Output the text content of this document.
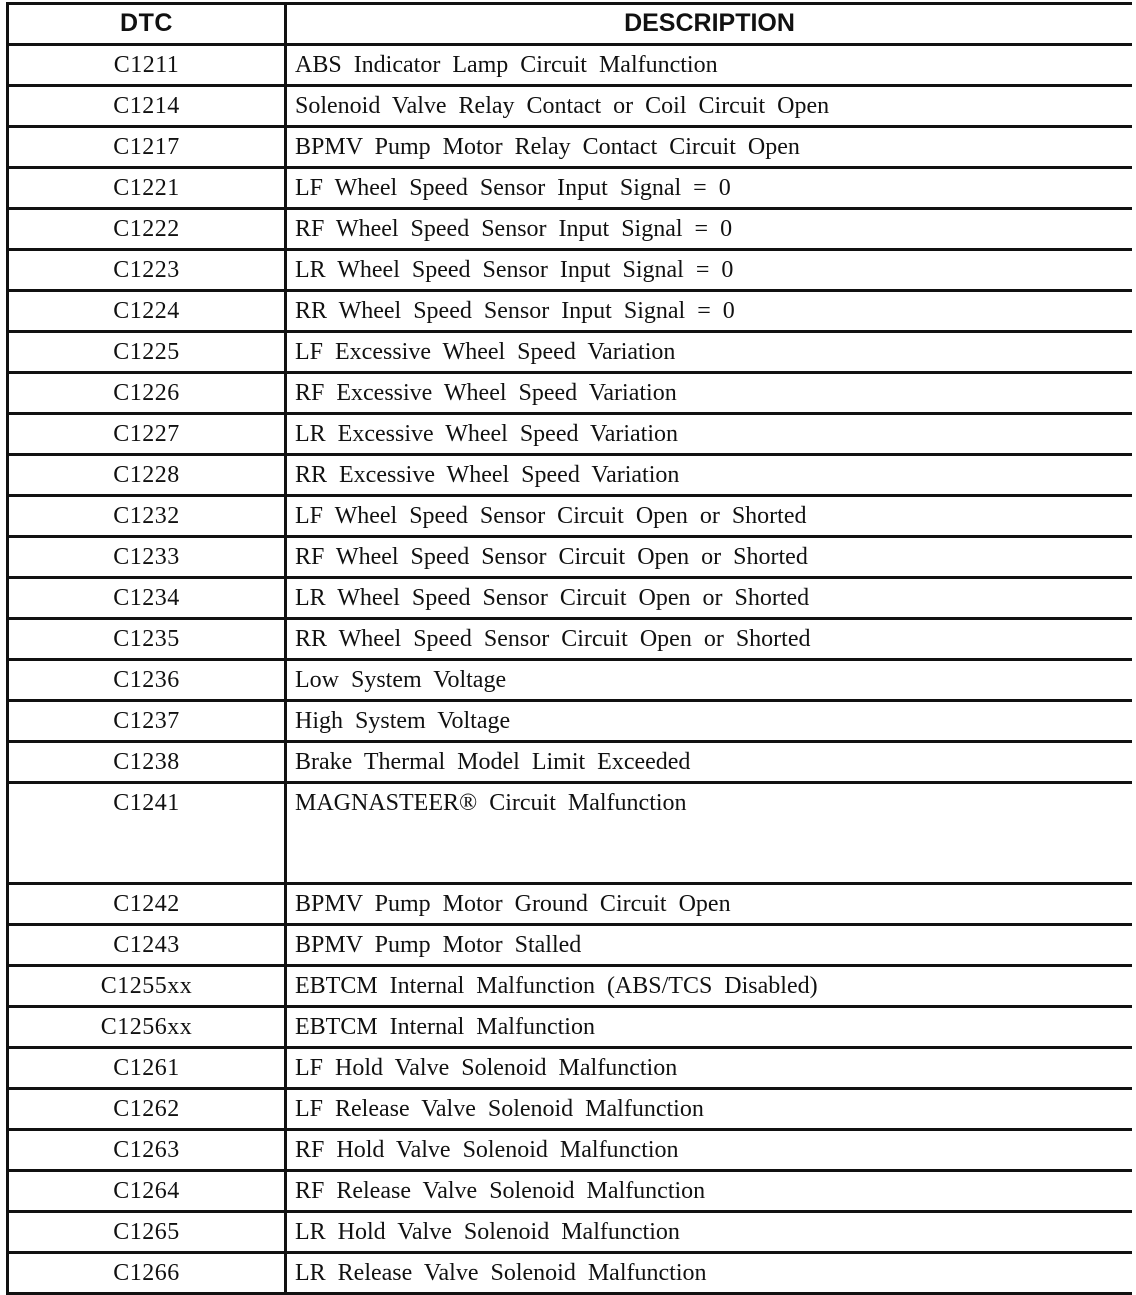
DTC	DESCRIPTION
C1211	ABS Indicator Lamp Circuit Malfunction
C1214	Solenoid Valve Relay Contact or Coil Circuit Open
C1217	BPMV Pump Motor Relay Contact Circuit Open
C1221	LF Wheel Speed Sensor Input Signal = 0
C1222	RF Wheel Speed Sensor Input Signal = 0
C1223	LR Wheel Speed Sensor Input Signal = 0
C1224	RR Wheel Speed Sensor Input Signal = 0
C1225	LF Excessive Wheel Speed Variation
C1226	RF Excessive Wheel Speed Variation
C1227	LR Excessive Wheel Speed Variation
C1228	RR Excessive Wheel Speed Variation
C1232	LF Wheel Speed Sensor Circuit Open or Shorted
C1233	RF Wheel Speed Sensor Circuit Open or Shorted
C1234	LR Wheel Speed Sensor Circuit Open or Shorted
C1235	RR Wheel Speed Sensor Circuit Open or Shorted
C1236	Low System Voltage
C1237	High System Voltage
C1238	Brake Thermal Model Limit Exceeded
C1241	MAGNASTEER® Circuit Malfunction
C1242	BPMV Pump Motor Ground Circuit Open
C1243	BPMV Pump Motor Stalled
C1255xx	EBTCM Internal Malfunction (ABS/TCS Disabled)
C1256xx	EBTCM Internal Malfunction
C1261	LF Hold Valve Solenoid Malfunction
C1262	LF Release Valve Solenoid Malfunction
C1263	RF Hold Valve Solenoid Malfunction
C1264	RF Release Valve Solenoid Malfunction
C1265	LR Hold Valve Solenoid Malfunction
C1266	LR Release Valve Solenoid Malfunction
